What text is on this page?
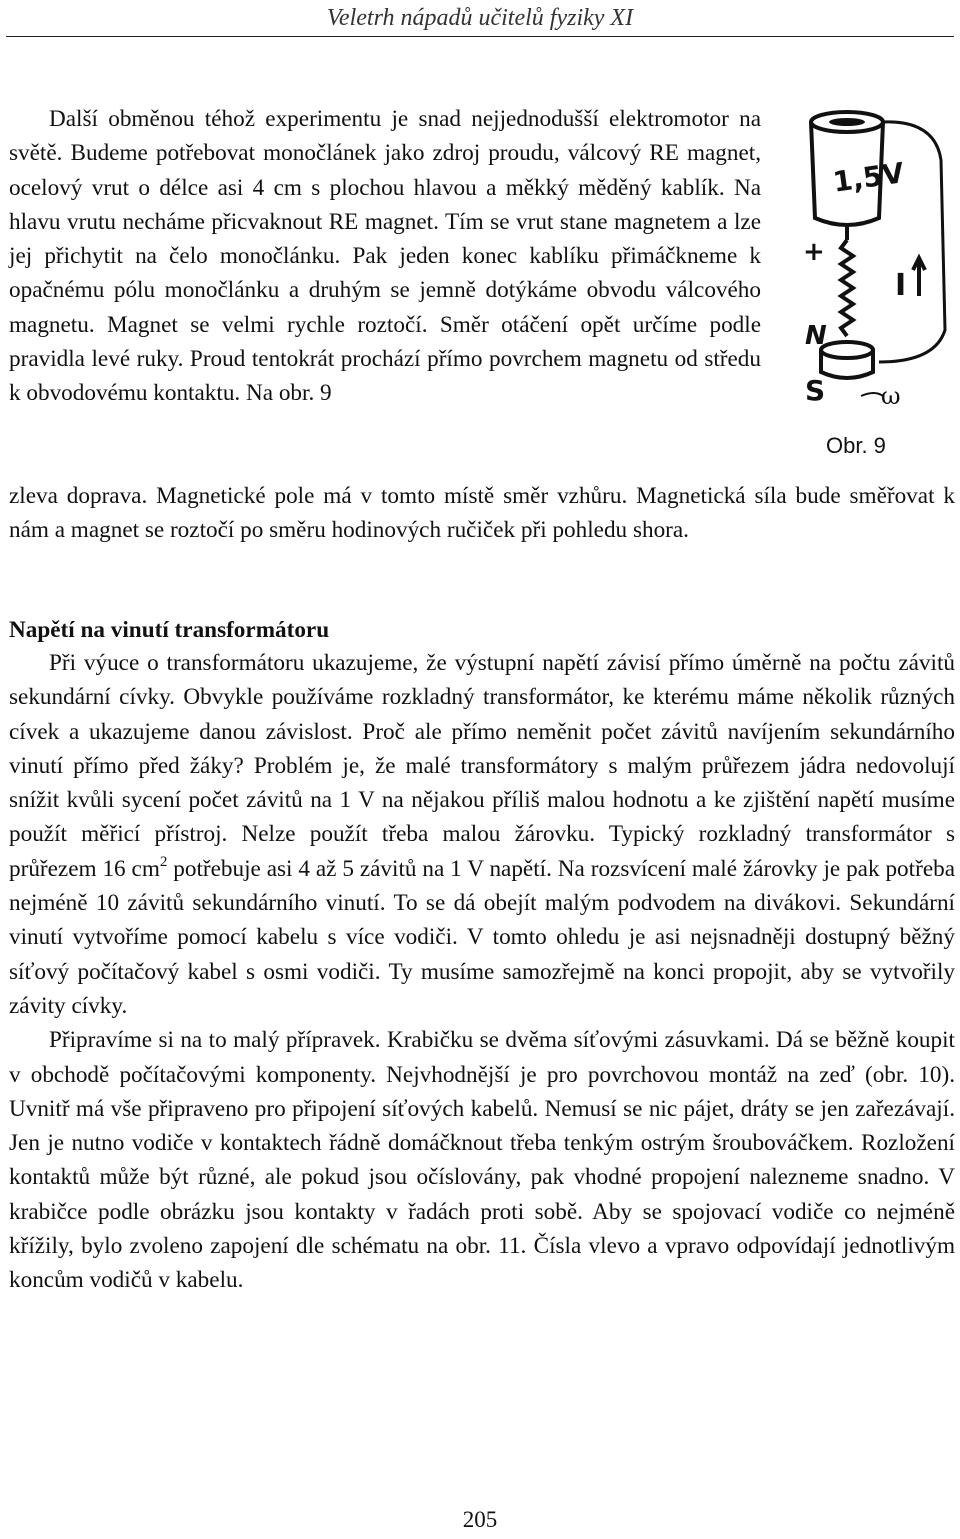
Veletrh nápadů učitelů fyziky XI

Další obměnou téhož experimentu je snad nejjednodušší elektromotor na světě. Budeme potřebovat monočlánek jako zdroj proudu, válcový RE magnet, ocelový vrut o délce asi 4 cm s plochou hlavou a měkký měděný kablík. Na hlavu vrutu necháme přicvaknout RE magnet. Tím se vrut stane magnetem a lze jej přichytit na čelo monočlánku. Pak jeden konec kablíku přimáčkneme k opačnému pólu monočlánku a druhým se jemně dotýkáme obvodu válcového magnetu. Magnet se velmi rychle roztočí. Směr otáčení opět určíme podle pravidla levé ruky. Proud tentokrát prochází přímo povrchem magnetu od středu k obvodovému kontaktu. Na obr. 9

1,5V
+
I
N
S ω
Obr. 9

zleva doprava. Magnetické pole má v tomto místě směr vzhůru. Magnetická síla bude směřovat k nám a magnet se roztočí po směru hodinových ručiček při pohledu shora.

Napětí na vinutí transformátoru

Při výuce o transformátoru ukazujeme, že výstupní napětí závisí přímo úměrně na počtu závitů sekundární cívky. Obvykle používáme rozkladný transformátor, ke kterému máme několik různých cívek a ukazujeme danou závislost. Proč ale přímo neměnit počet závitů navíjením sekundárního vinutí přímo před žáky? Problém je, že malé transformátory s malým průřezem jádra nedovolují snížit kvůli sycení počet závitů na 1 V na nějakou příliš malou hodnotu a ke zjištění napětí musíme použít měřicí přístroj. Nelze použít třeba malou žárovku. Typický rozkladný transformátor s průřezem 16 $cm^2$ potřebuje asi 4 až 5 závitů na 1 V napětí. Na rozsvícení malé žárovky je pak potřeba nejméně 10 závitů sekundárního vinutí. To se dá obejít malým podvodem na divákovi. Sekundární vinutí vytvoříme pomocí kabelu s více vodiči. V tomto ohledu je asi nejsnadněji dostupný běžný síťový počítačový kabel s osmi vodiči. Ty musíme samozřejmě na konci propojit, aby se vytvořily závity cívky.

Připravíme si na to malý přípravek. Krabičku se dvěma síťovými zásuvkami. Dá se běžně koupit v obchodě počítačovými komponenty. Nejvhodnější je pro povrchovou montáž na zeď (obr. 10). Uvnitř má vše připraveno pro připojení síťových kabelů. Nemusí se nic pájet, dráty se jen zařezávají. Jen je nutno vodiče v kontaktech řádně domáčknout třeba tenkým ostrým šroubováčkem. Rozložení kontaktů může být různé, ale pokud jsou očíslovány, pak vhodné propojení nalezneme snadno. V krabičce podle obrázku jsou kontakty v řadách proti sobě. Aby se spojovací vodiče co nejméně křížily, bylo zvoleno zapojení dle schématu na obr. 11. Čísla vlevo a vpravo odpovídají jednotlivým koncům vodičů v kabelu.

205
